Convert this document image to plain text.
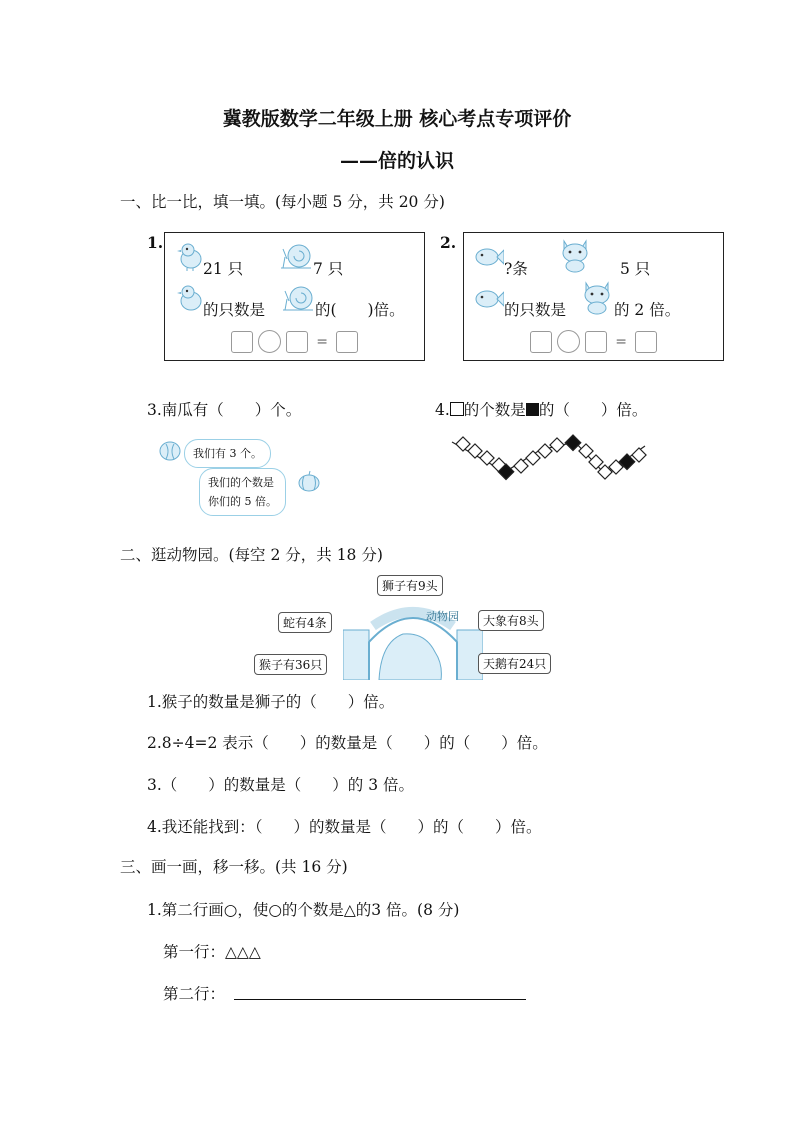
冀教版数学二年级上册 核心考点专项评价
——倍的认识
一、比一比，填一填。(每小题 5 分，共 20 分)
1.
21 只	7 只
的只数是	的(　　)倍。
=
2.
?条	5 只
的只数是	的 2 倍。
=
3.南瓜有（　　）个。
我们有 3 个。
我们的个数是
你们的 5 倍。
4. 的个数是 的（　　）倍。
二、逛动物园。(每空 2 分，共 18 分)
动物园
狮子有9头
蛇有4条	大象有8头
猴子有36只	天鹅有24只
1.猴子的数量是狮子的（　　）倍。
2.8÷4=2 表示（　　）的数量是（　　）的（　　）倍。
3.（　　）的数量是（　　）的 3 倍。
4.我还能找到：（　　）的数量是（　　）的（　　）倍。
三、画一画，移一移。(共 16 分)
1.第二行画○，使○的个数是△的3 倍。(8 分)
第一行：△△△
第二行：
